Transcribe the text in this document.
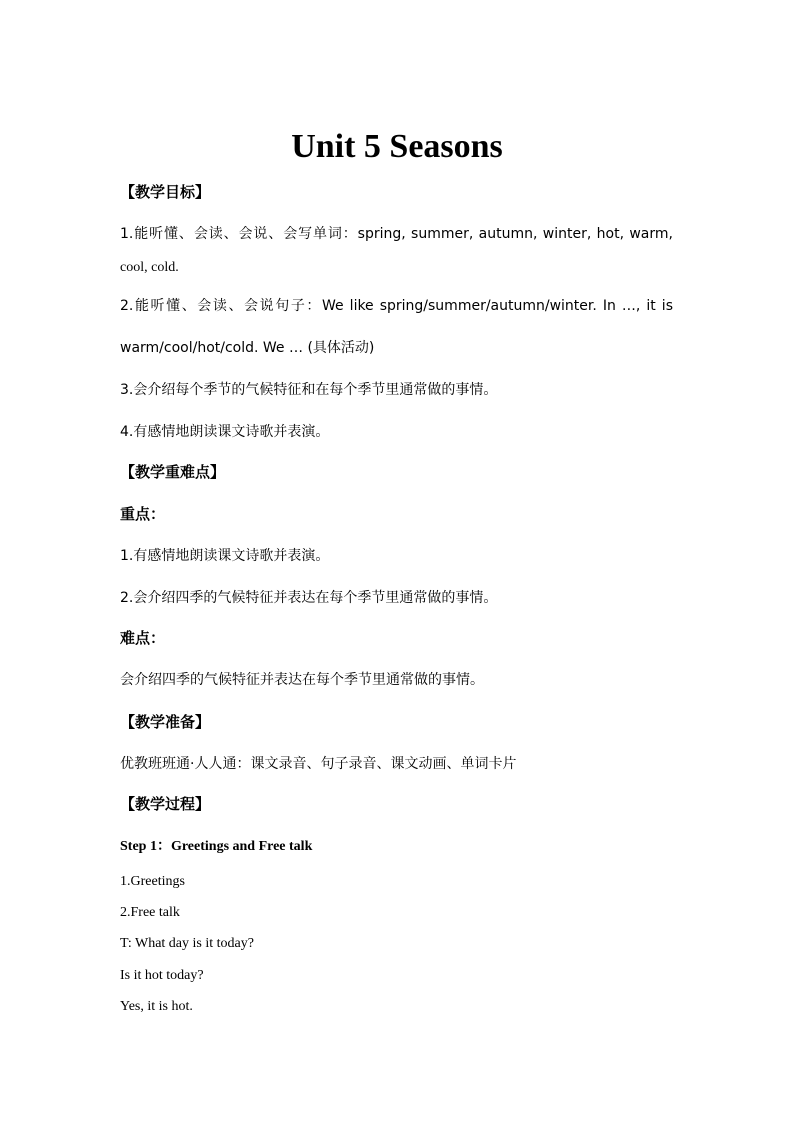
Unit 5 Seasons

【教学目标】

1.能听懂、会读、会说、会写单词：spring, summer, autumn, winter, hot, warm,

cool, cold.

2.能听懂、会读、会说句子：We like spring/summer/autumn/winter. In …, it is

warm/cool/hot/cold. We … (具体活动)

3.会介绍每个季节的气候特征和在每个季节里通常做的事情。

4.有感情地朗读课文诗歌并表演。

【教学重难点】

重点：

1.有感情地朗读课文诗歌并表演。

2.会介绍四季的气候特征并表达在每个季节里通常做的事情。

难点：

会介绍四季的气候特征并表达在每个季节里通常做的事情。

【教学准备】

优教班班通·人人通：课文录音、句子录音、课文动画、单词卡片

【教学过程】

Step 1：Greetings and Free talk

1.Greetings

2.Free talk

T: What day is it today?

Is it hot today?

Yes, it is hot.
